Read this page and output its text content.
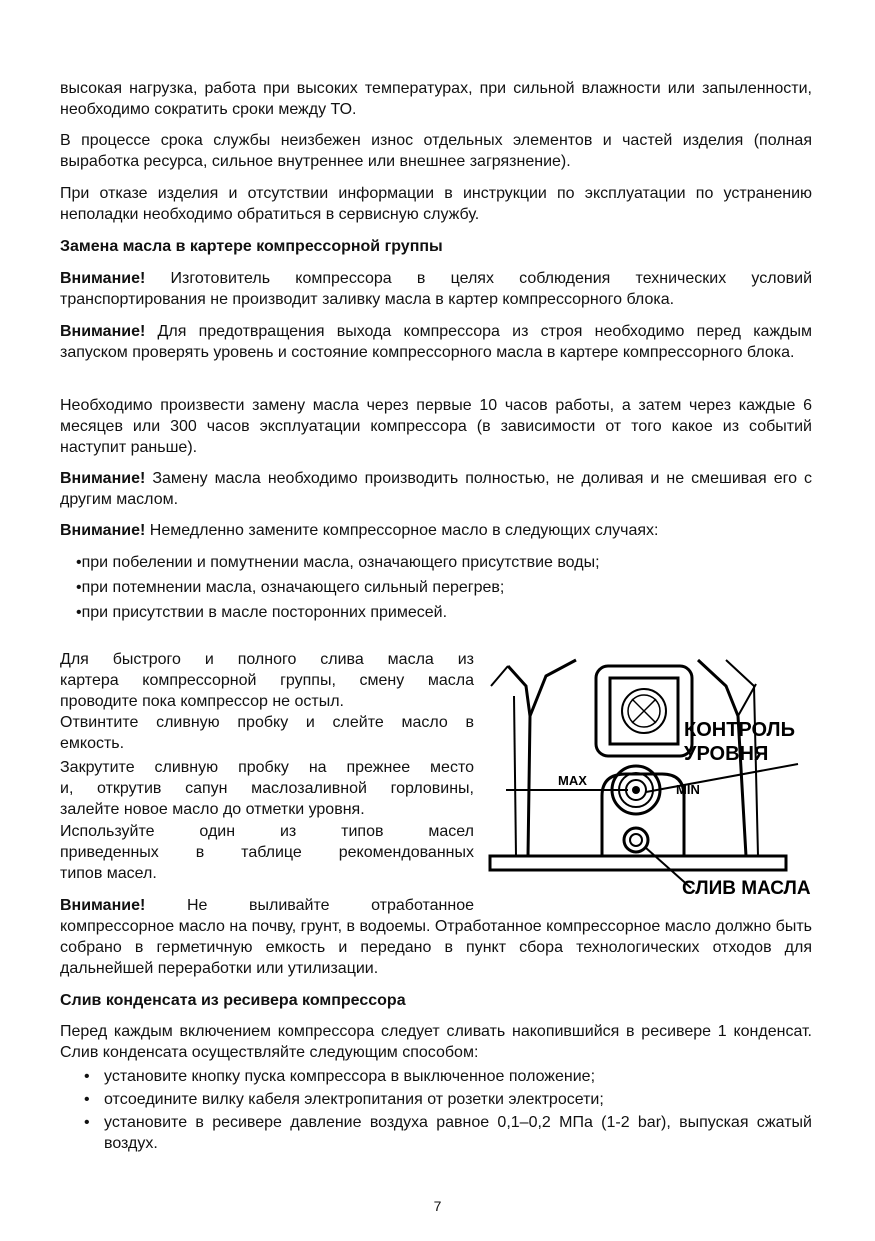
высокая нагрузка, работа при высоких температурах, при сильной влажности или запыленности, необходимо сократить сроки между ТО.

В процессе срока службы неизбежен износ отдельных элементов и частей изделия (полная выработка ресурса, сильное внутреннее или внешнее загрязнение).

При отказе изделия и отсутствии информации в инструкции по эксплуатации по устранению неполадки необходимо обратиться в сервисную службу.

Замена масла в картере компрессорной группы

Внимание! Изготовитель компрессора в целях соблюдения технических условий транспортирования не производит заливку масла в картер компрессорного блока.

Внимание! Для предотвращения выхода компрессора из строя необходимо перед каждым запуском проверять уровень и состояние компрессорного масла в картере компрессорного блока.

Необходимо произвести замену масла через первые 10 часов работы, а затем через каждые 6 месяцев или 300 часов эксплуатации компрессора (в зависимости от того какое из событий наступит раньше).

Внимание! Замену масла необходимо производить полностью, не доливая и не смешивая его с другим маслом.

Внимание! Немедленно замените компрессорное масло в следующих случаях:

•при побелении и помутнении масла, означающего присутствие воды;

•при потемнении масла, означающего сильный перегрев;

•при присутствии в масле посторонних примесей.

Для быстрого и полного слива масла из

картера компрессорной группы, смену масла

проводите пока компрессор не остыл.

Отвинтите сливную пробку и слейте масло в

емкость.

Закрутите сливную пробку на прежнее место

и, открутив сапун маслозаливной горловины,

залейте новое масло до отметки уровня.

Используйте один из типов масел

приведенных в таблице рекомендованных

типов масел.

Внимание!	Не выливайте отработанное

компрессорное масло на почву, грунт, в водоемы. Отработанное компрессорное масло должно быть собрано в герметичную емкость и передано в пункт сбора технологических отходов для дальнейшей переработки или утилизации.

Слив конденсата из ресивера компрессора

Перед каждым включением компрессора следует сливать накопившийся в ресивере 1 конденсат. Слив конденсата осуществляйте следующим способом:

• установите кнопку пуска компрессора в выключенное положение;

• отсоедините вилку кабеля электропитания от розетки электросети;

• установите в ресивере давление воздуха равное 0,1–0,2 МПа (1-2 bar), выпуская сжатый воздух.

КОНТРОЛЬ
УРОВНЯ
MAX
MIN
СЛИВ МАСЛА
7
